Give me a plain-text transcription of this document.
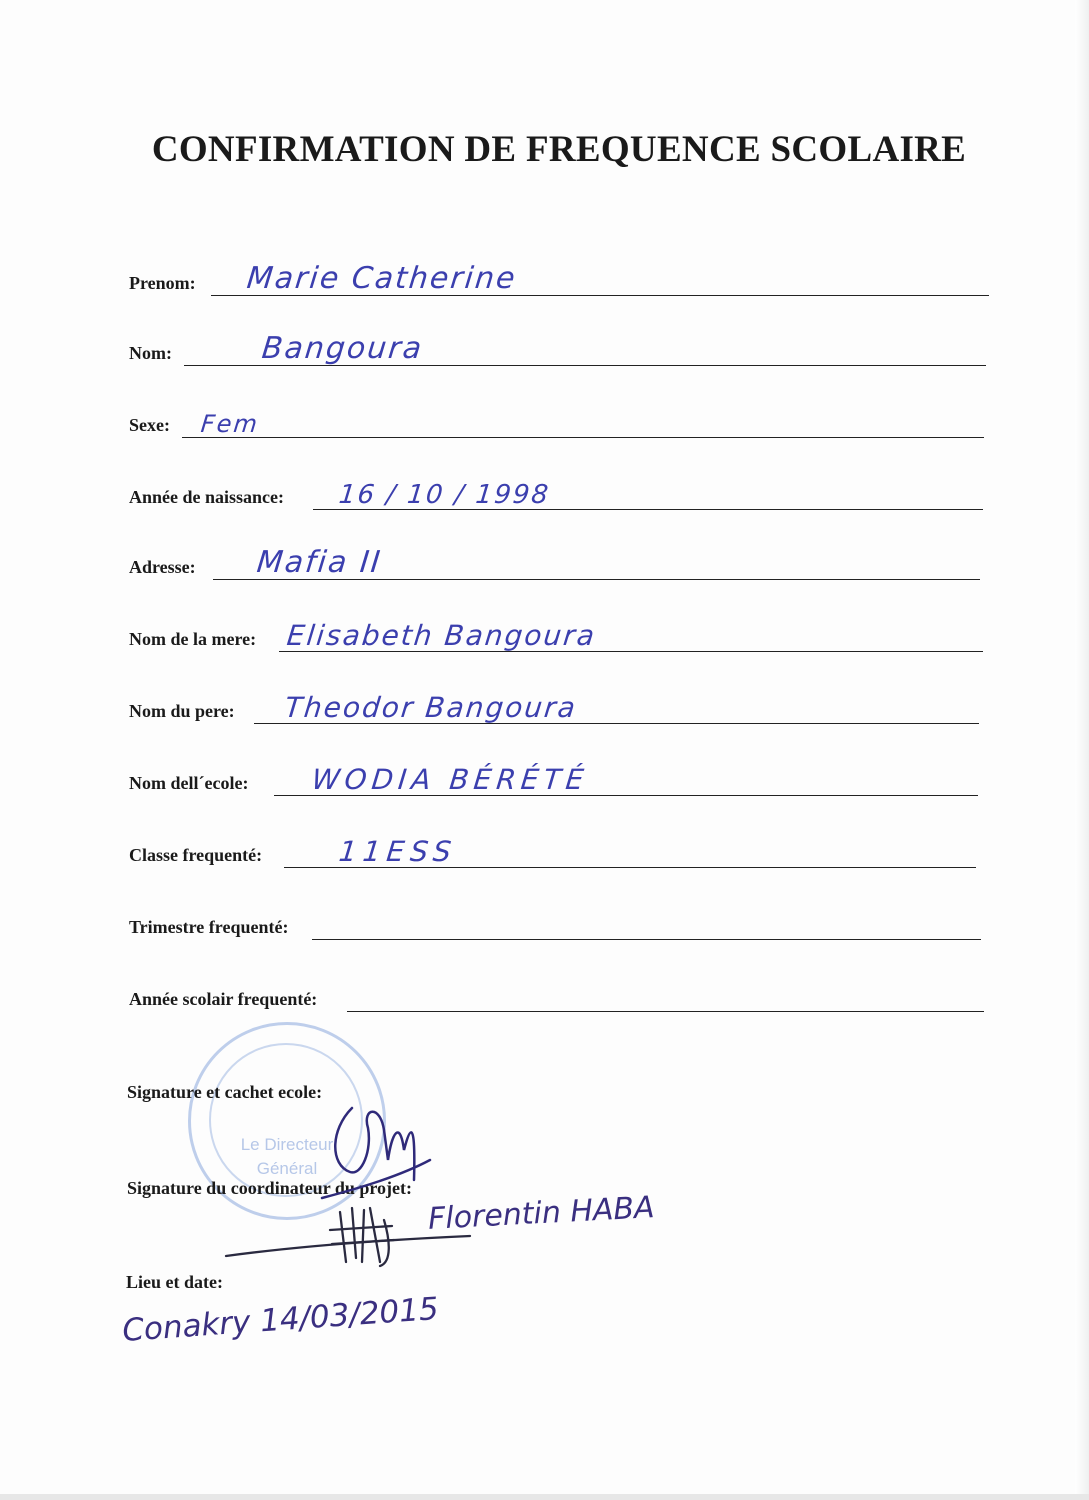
CONFIRMATION DE FREQUENCE SCOLAIRE
Prenom: Marie Catherine
Nom:	Bangoura
Sexe: Fem
Année de naissance: 16 / 10 / 1998
Adresse: Mafia II
Nom de la mere: Elisabeth Bangoura
Nom du pere: Theodor Bangoura
Nom dell´ecole: WODIA BÉRÉTÉ
Classe frequenté:	11ESS
Trimestre frequenté:
Année scolair frequenté:
Le Directeur
Général
Signature et cachet ecole:
Signature du coordinateur du projet:
Florentin HABA
Lieu et date:
Conakry 14/03/2015
